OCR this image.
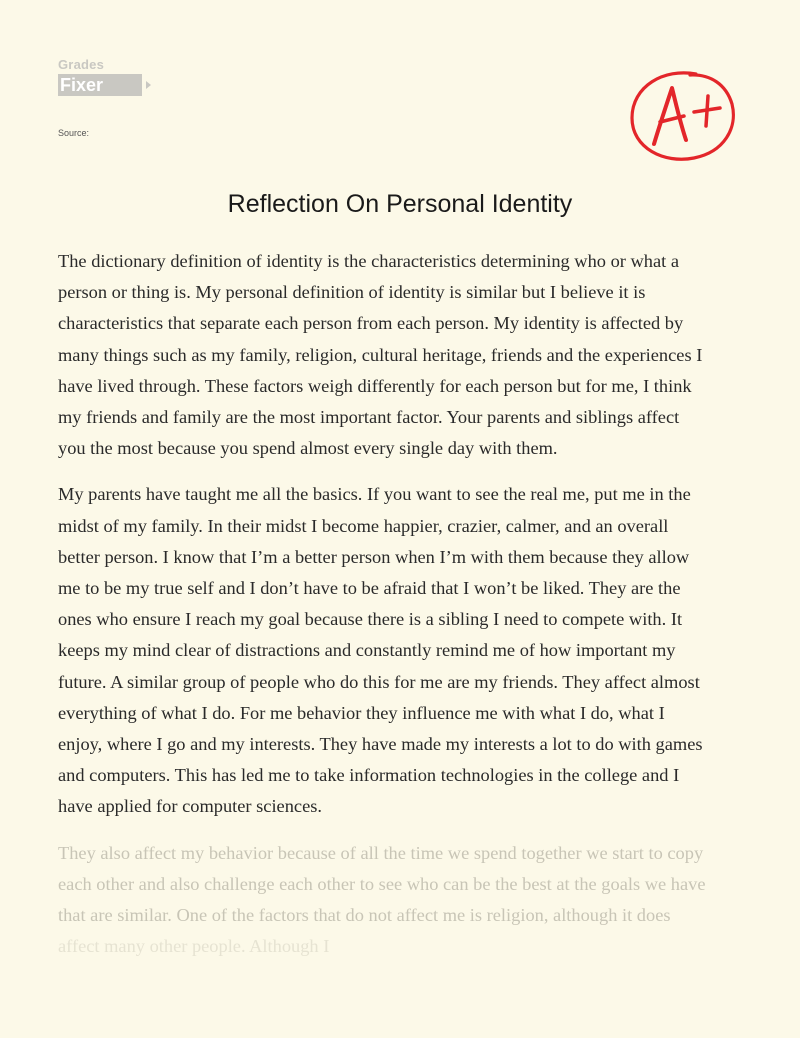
Grades
Fixer
Source:
Reflection On Personal Identity

The dictionary definition of identity is the characteristics determining who or what a
person or thing is. My personal definition of identity is similar but I believe it is
characteristics that separate each person from each person. My identity is affected by
many things such as my family, religion, cultural heritage, friends and the experiences I
have lived through. These factors weigh differently for each person but for me, I think
my friends and family are the most important factor. Your parents and siblings affect
you the most because you spend almost every single day with them.

My parents have taught me all the basics. If you want to see the real me, put me in the
midst of my family. In their midst I become happier, crazier, calmer, and an overall
better person. I know that I’m a better person when I’m with them because they allow
me to be my true self and I don’t have to be afraid that I won’t be liked. They are the
ones who ensure I reach my goal because there is a sibling I need to compete with. It
keeps my mind clear of distractions and constantly remind me of how important my
future. A similar group of people who do this for me are my friends. They affect almost
everything of what I do. For me behavior they influence me with what I do, what I
enjoy, where I go and my interests. They have made my interests a lot to do with games
and computers. This has led me to take information technologies in the college and I
have applied for computer sciences.

They also affect my behavior because of all the time we spend together we start to copy
each other and also challenge each other to see who can be the best at the goals we have
that are similar. One of the factors that do not affect me is religion, although it does
affect many other people. Although I
